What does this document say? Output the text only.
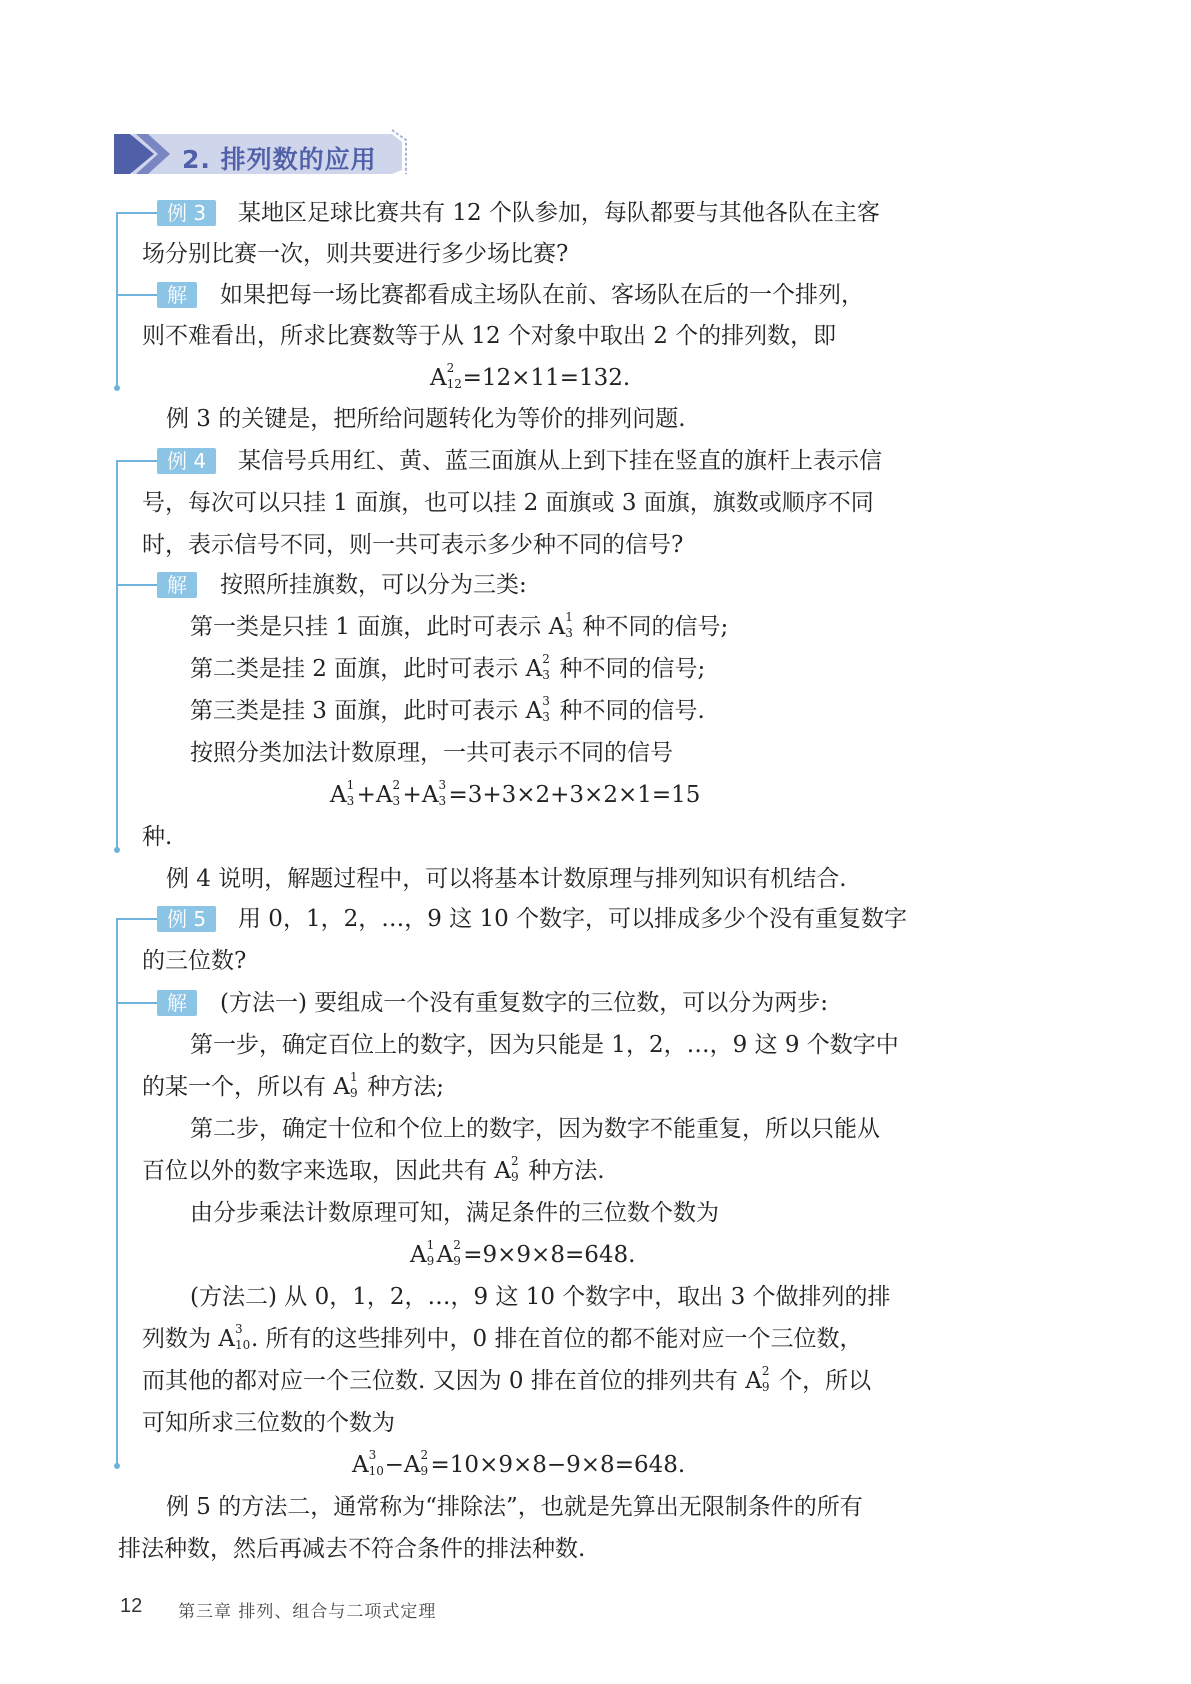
2. 排列数的应用
例 3	某地区足球比赛共有 12 个队参加，每队都要与其他各队在主客
场分别比赛一次，则共要进行多少场比赛?
解	如果把每一场比赛都看成主场队在前、客场队在后的一个排列，
则不难看出，所求比赛数等于从 12 个对象中取出 2 个的排列数，即
A 2
12 =12×11=132.
例 3 的关键是，把所给问题转化为等价的排列问题.
例 4	某信号兵用红、黄、蓝三面旗从上到下挂在竖直的旗杆上表示信
号，每次可以只挂 1 面旗，也可以挂 2 面旗或 3 面旗，旗数或顺序不同
时，表示信号不同，则一共可表示多少种不同的信号?
解	按照所挂旗数，可以分为三类:
第一类是只挂 1 面旗，此时可表示 A 1
3 种不同的信号;
第二类是挂 2 面旗，此时可表示 A 2
3 种不同的信号;
第三类是挂 3 面旗，此时可表示 A 3
3 种不同的信号.
按照分类加法计数原理，一共可表示不同的信号
A 1
3 +A 2
3 +A 3
3 =3+3×2+3×2×1=15
种.
例 4 说明，解题过程中，可以将基本计数原理与排列知识有机结合.
例 5	用 0，1，2，…，9 这 10 个数字，可以排成多少个没有重复数字
的三位数?
解	(方法一) 要组成一个没有重复数字的三位数，可以分为两步:
第一步，确定百位上的数字，因为只能是 1，2，…，9 这 9 个数字中
的某一个，所以有 A 1
9 种方法;
第二步，确定十位和个位上的数字，因为数字不能重复，所以只能从
百位以外的数字来选取，因此共有 A 2
9 种方法.
由分步乘法计数原理可知，满足条件的三位数个数为
A 1
9 A 2
9 =9×9×8=648.
(方法二) 从 0，1，2，…，9 这 10 个数字中，取出 3 个做排列的排
列数为 A 3
10 . 所有的这些排列中，0 排在首位的都不能对应一个三位数，
而其他的都对应一个三位数. 又因为 0 排在首位的排列共有 A 2
9 个，所以
可知所求三位数的个数为
A 3
10 −A 2
9 =10×9×8−9×8=648.
例 5 的方法二，通常称为“排除法”，也就是先算出无限制条件的所有
排法种数，然后再减去不符合条件的排法种数.
12 第三章 排列、组合与二项式定理
